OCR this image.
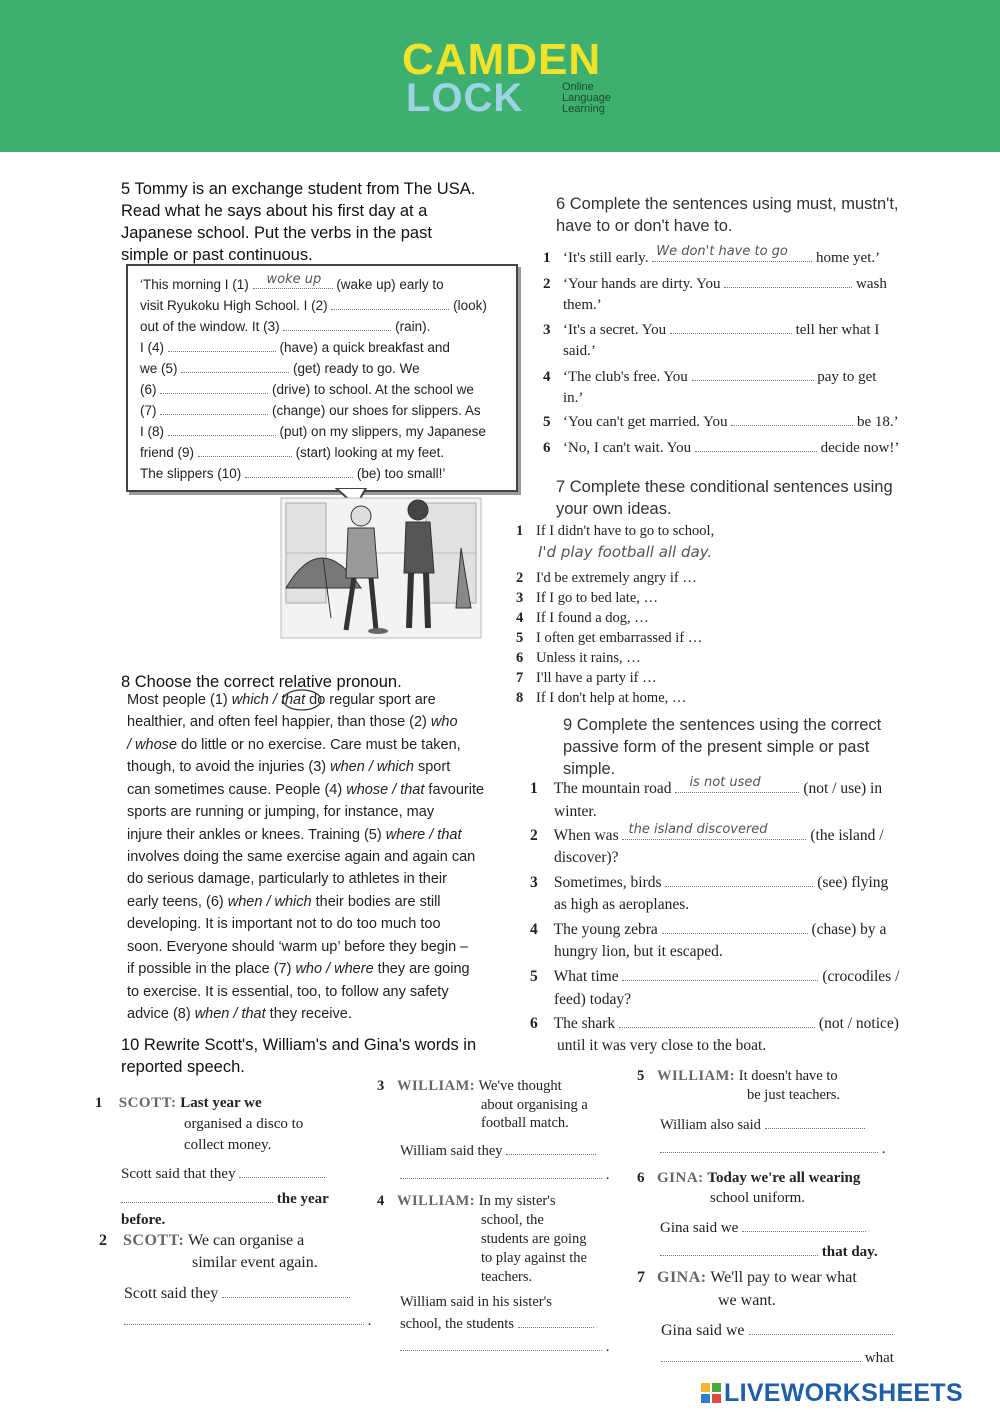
CAMDEN
LOCK	Online
Language
Learning
5 Tommy is an exchange student from The USA.
Read what he says about his first day at a
Japanese school. Put the verbs in the past
simple or past continuous.
‘This morning I (1) woke up (wake up) early to
visit Ryukoku High School. I (2)	(look)
out of the window. It (3)	(rain).
I (4)	(have) a quick breakfast and
we (5)	(get) ready to go. We
(6)	(drive) to school. At the school we
(7)	(change) our shoes for slippers. As
I (8)	(put) on my slippers, my Japanese
friend (9)	(start) looking at my feet.
The slippers (10)	(be) too small!’
6 Complete the sentences using must, mustn't,
have to or don't have to.
1 ‘It's still early. We don't have to go home yet.’
2 ‘Your hands are dirty. You	wash
them.’
3 ‘It's a secret. You	tell her what I
said.’
4 ‘The club's free. You	pay to get
in.’
5 ‘You can't get married. You	be 18.’
6 ‘No, I can't wait. You	decide now!’
7 Complete these conditional sentences using
your own ideas.
1 If I didn't have to go to school,
I'd play football all day.
2 I'd be extremely angry if …
3 If I go to bed late, …
4 If I found a dog, …
5 I often get embarrassed if …
6 Unless it rains, …
7 I'll have a party if …
8 If I don't help at home, …
8 Choose the correct relative pronoun.
Most people (1) which / that do regular sport are
healthier, and often feel happier, than those (2) who
/ whose do little or no exercise. Care must be taken,
though, to avoid the injuries (3) when / which sport
can sometimes cause. People (4) whose / that favourite
sports are running or jumping, for instance, may
injure their ankles or knees. Training (5) where / that
involves doing the same exercise again and again can
do serious damage, particularly to athletes in their
early teens, (6) when / which their bodies are still
developing. It is important not to do too much too
soon. Everyone should ‘warm up’ before they begin –
if possible in the place (7) who / where they are going
to exercise. It is essential, too, to follow any safety
advice (8) when / that they receive.
9 Complete the sentences using the correct
passive form of the present simple or past
simple.
1 The mountain road is not used	(not / use) in
winter.
2 When was the island discovered	(the island /
discover)?
3 Sometimes, birds	(see) flying
as high as aeroplanes.
4 The young zebra	(chase) by a
hungry lion, but it escaped.
5 What time	(crocodiles /
feed) today?
6 The shark	(not / notice)
until it was very close to the boat.
10 Rewrite Scott's, William's and Gina's words in
reported speech.
1 SCOTT: Last year we
organised a disco to
collect money.
Scott said that they
the year
before.
2 SCOTT: We can organise a
similar event again.
Scott said they
.
3 WILLIAM: We've thought
about organising a
football match.
William said they
.
4 WILLIAM: In my sister's
school, the
students are going
to play against the
teachers.
William said in his sister's
school, the students
.
5 WILLIAM: It doesn't have to
be just teachers.
William also said
.
6 GINA: Today we're all wearing
school uniform.
Gina said we
that day.
7 GINA: We'll pay to wear what
we want.
Gina said we
what
LIVEWORKSHEETS
